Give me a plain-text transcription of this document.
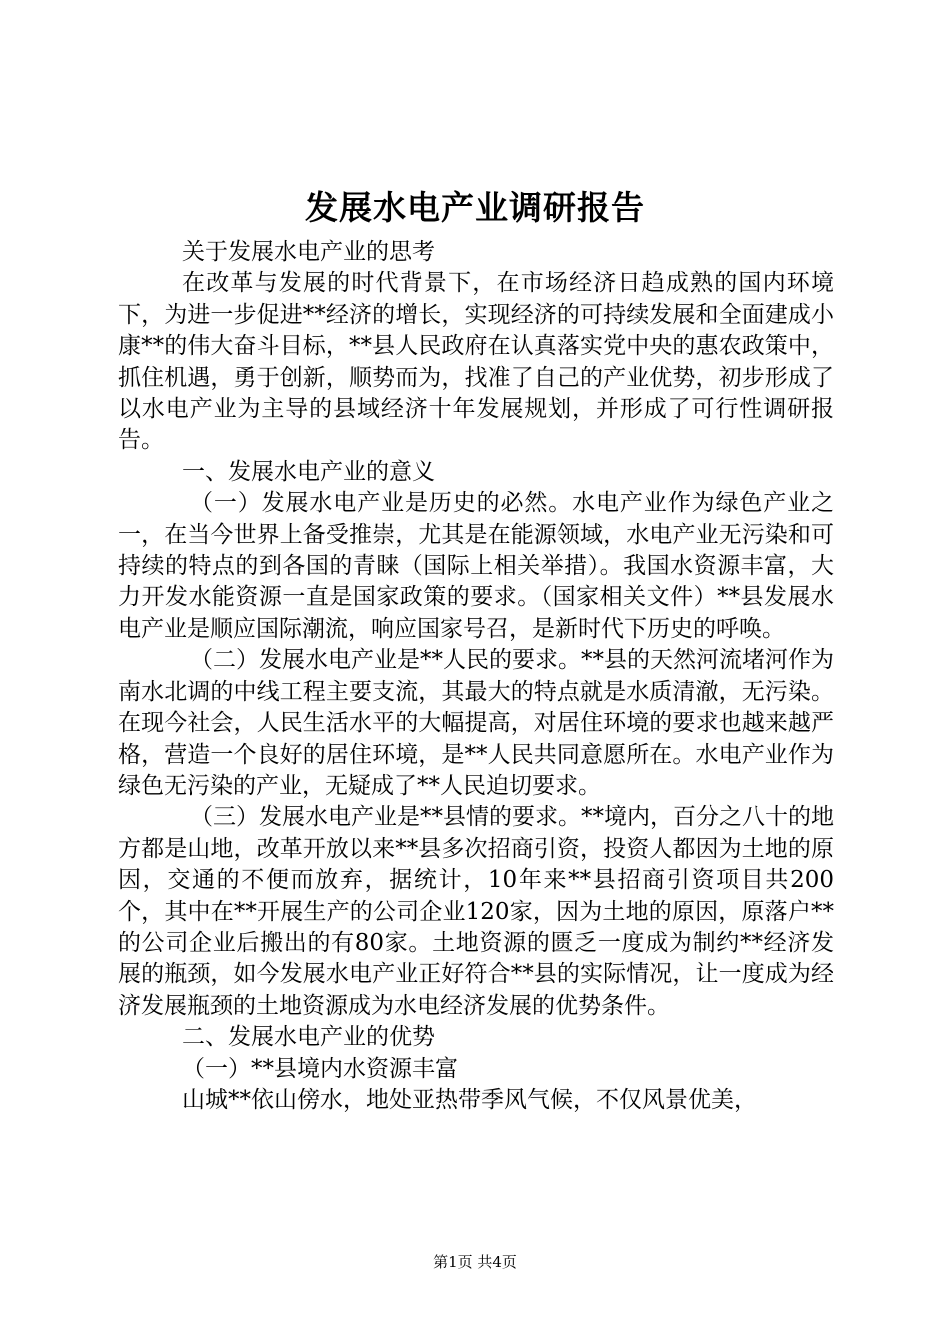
发展水电产业调研报告

关于发展水电产业的思考

在改革与发展的时代背景下，在市场经济日趋成熟的国内环境下，为进一步促进**经济的增长，实现经济的可持续发展和全面建成小康**的伟大奋斗目标，**县人民政府在认真落实党中央的惠农政策中，抓住机遇，勇于创新，顺势而为，找准了自己的产业优势，初步形成了以水电产业为主导的县域经济十年发展规划，并形成了可行性调研报告。

一、发展水电产业的意义

（一）发展水电产业是历史的必然。水电产业作为绿色产业之一，在当今世界上备受推崇，尤其是在能源领域，水电产业无污染和可持续的特点的到各国的青睐（国际上相关举措）。我国水资源丰富，大力开发水能资源一直是国家政策的要求。（国家相关文件）**县发展水电产业是顺应国际潮流，响应国家号召，是新时代下历史的呼唤。

（二）发展水电产业是**人民的要求。**县的天然河流堵河作为南水北调的中线工程主要支流，其最大的特点就是水质清澈，无污染。在现今社会，人民生活水平的大幅提高，对居住环境的要求也越来越严格，营造一个良好的居住环境，是**人民共同意愿所在。水电产业作为绿色无污染的产业，无疑成了**人民迫切要求。

（三）发展水电产业是**县情的要求。**境内，百分之八十的地方都是山地，改革开放以来**县多次招商引资，投资人都因为土地的原因，交通的不便而放弃，据统计，10年来**县招商引资项目共200个，其中在**开展生产的公司企业120家，因为土地的原因，原落户**的公司企业后搬出的有80家。土地资源的匮乏一度成为制约**经济发展的瓶颈，如今发展水电产业正好符合**县的实际情况，让一度成为经济发展瓶颈的土地资源成为水电经济发展的优势条件。

二、发展水电产业的优势

（一）**县境内水资源丰富

山城**依山傍水，地处亚热带季风气候，不仅风景优美，

第1页 共4页
